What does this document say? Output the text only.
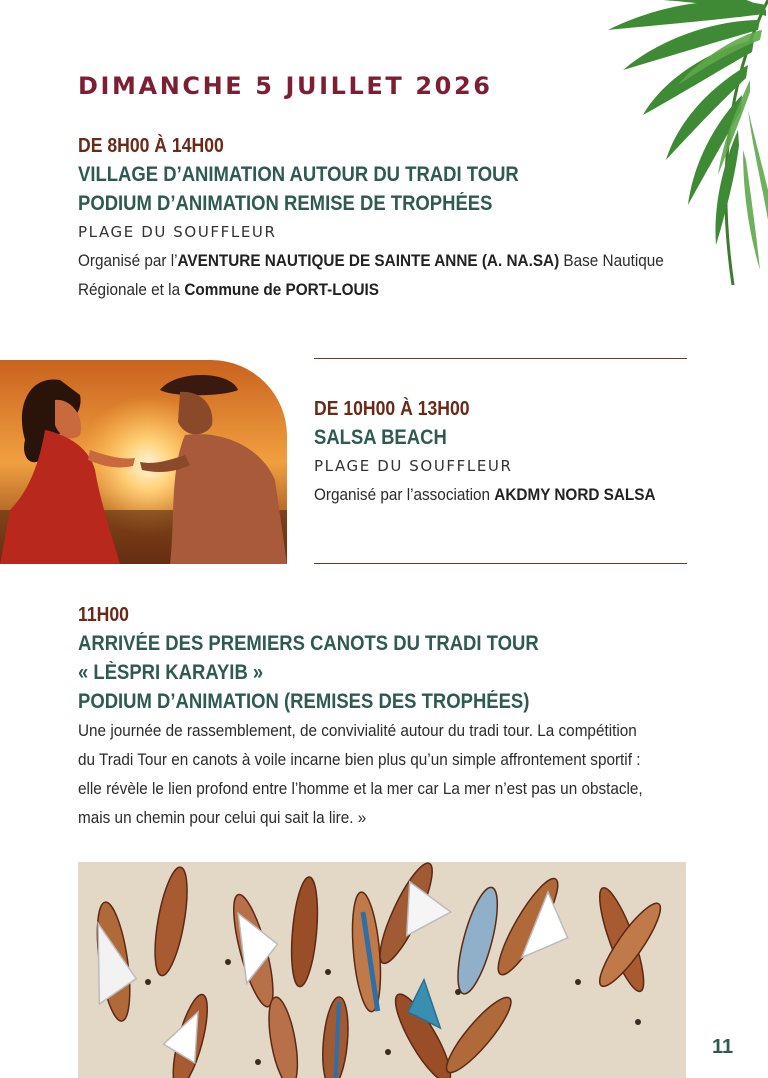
DIMANCHE 5 JUILLET 2026
DE 8H00 À 14H00
VILLAGE D’ANIMATION AUTOUR DU TRADI TOUR
PODIUM D’ANIMATION REMISE DE TROPHÉES
PLAGE DU SOUFFLEUR
Organisé par l’AVENTURE NAUTIQUE DE SAINTE ANNE (A. NA.SA) Base Nautique
Régionale et la Commune de PORT-LOUIS
DE 10H00 À 13H00
SALSA BEACH
PLAGE DU SOUFFLEUR
Organisé par l’association AKDMY NORD SALSA
11H00
ARRIVÉE DES PREMIERS CANOTS DU TRADI TOUR
« LÈSPRI KARAYIB »
PODIUM D’ANIMATION (REMISES DES TROPHÉES)

Une journée de rassemblement, de convivialité autour du tradi tour. La compétition

du Tradi Tour en canots à voile incarne bien plus qu’un simple affrontement sportif :

elle révèle le lien profond entre l’homme et la mer car La mer n’est pas un obstacle,

mais un chemin pour celui qui sait la lire. »

11
